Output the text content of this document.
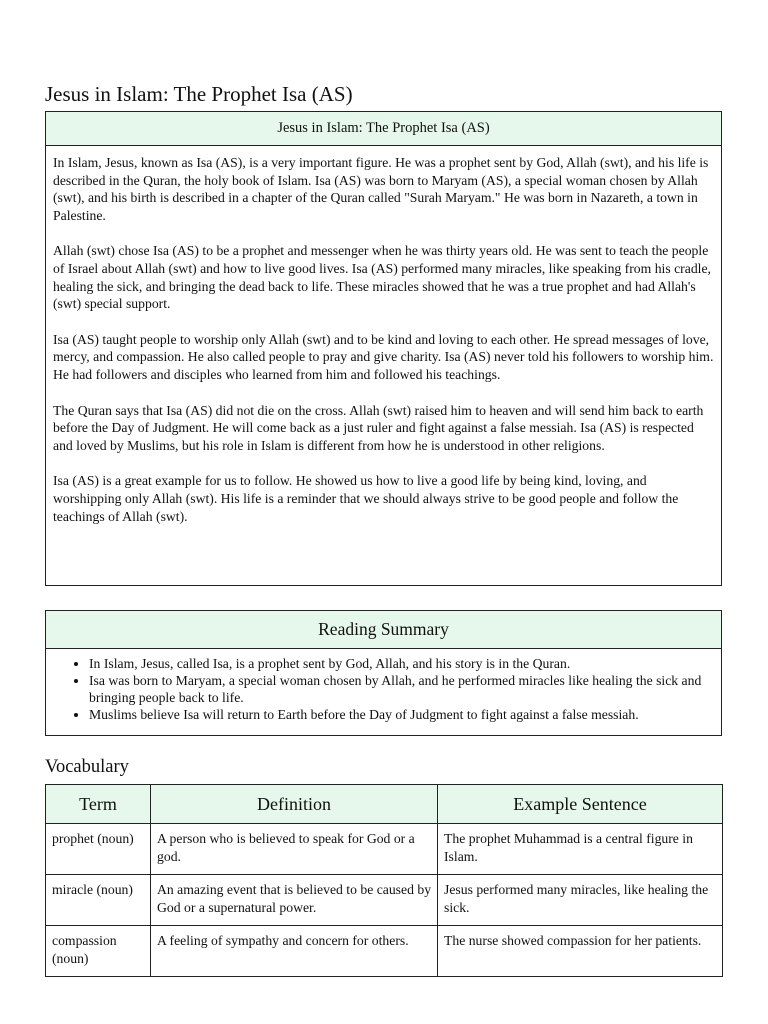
Jesus in Islam: The Prophet Isa (AS)
Jesus in Islam: The Prophet Isa (AS)

In Islam, Jesus, known as Isa (AS), is a very important figure. He was a prophet sent by God, Allah (swt), and his life is described in the Quran, the holy book of Islam. Isa (AS) was born to Maryam (AS), a special woman chosen by Allah (swt), and his birth is described in a chapter of the Quran called "Surah Maryam." He was born in Nazareth, a town in Palestine.

Allah (swt) chose Isa (AS) to be a prophet and messenger when he was thirty years old. He was sent to teach the people of Israel about Allah (swt) and how to live good lives. Isa (AS) performed many miracles, like speaking from his cradle, healing the sick, and bringing the dead back to life. These miracles showed that he was a true prophet and had Allah's (swt) special support.

Isa (AS) taught people to worship only Allah (swt) and to be kind and loving to each other. He spread messages of love, mercy, and compassion. He also called people to pray and give charity. Isa (AS) never told his followers to worship him. He had followers and disciples who learned from him and followed his teachings.

The Quran says that Isa (AS) did not die on the cross. Allah (swt) raised him to heaven and will send him back to earth before the Day of Judgment. He will come back as a just ruler and fight against a false messiah. Isa (AS) is respected and loved by Muslims, but his role in Islam is different from how he is understood in other religions.

Isa (AS) is a great example for us to follow. He showed us how to live a good life by being kind, loving, and worshipping only Allah (swt). His life is a reminder that we should always strive to be good people and follow the teachings of Allah (swt).

Reading Summary
• In Islam, Jesus, called Isa, is a prophet sent by God, Allah, and his story is in the Quran.
• Isa was born to Maryam, a special woman chosen by Allah, and he performed miracles like healing the sick and bringing people back to life.
• Muslims believe Isa will return to Earth before the Day of Judgment to fight against a false messiah.
Vocabulary
Term	Definition	Example Sentence
prophet (noun)	A person who is believed to speak for God or a god.	The prophet Muhammad is a central figure in Islam.
miracle (noun)	An amazing event that is believed to be caused by God or a supernatural power.	Jesus performed many miracles, like healing the sick.
compassion (noun)	A feeling of sympathy and concern for others.	The nurse showed compassion for her patients.
